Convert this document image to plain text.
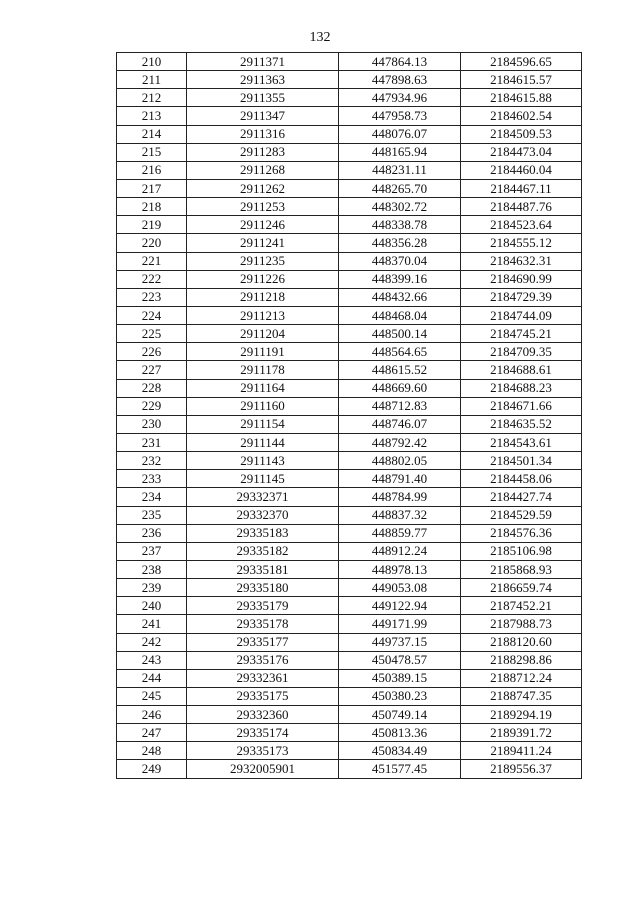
132
210	2911371	447864.13	2184596.65
211	2911363	447898.63	2184615.57
212	2911355	447934.96	2184615.88
213	2911347	447958.73	2184602.54
214	2911316	448076.07	2184509.53
215	2911283	448165.94	2184473.04
216	2911268	448231.11	2184460.04
217	2911262	448265.70	2184467.11
218	2911253	448302.72	2184487.76
219	2911246	448338.78	2184523.64
220	2911241	448356.28	2184555.12
221	2911235	448370.04	2184632.31
222	2911226	448399.16	2184690.99
223	2911218	448432.66	2184729.39
224	2911213	448468.04	2184744.09
225	2911204	448500.14	2184745.21
226	2911191	448564.65	2184709.35
227	2911178	448615.52	2184688.61
228	2911164	448669.60	2184688.23
229	2911160	448712.83	2184671.66
230	2911154	448746.07	2184635.52
231	2911144	448792.42	2184543.61
232	2911143	448802.05	2184501.34
233	2911145	448791.40	2184458.06
234	29332371	448784.99	2184427.74
235	29332370	448837.32	2184529.59
236	29335183	448859.77	2184576.36
237	29335182	448912.24	2185106.98
238	29335181	448978.13	2185868.93
239	29335180	449053.08	2186659.74
240	29335179	449122.94	2187452.21
241	29335178	449171.99	2187988.73
242	29335177	449737.15	2188120.60
243	29335176	450478.57	2188298.86
244	29332361	450389.15	2188712.24
245	29335175	450380.23	2188747.35
246	29332360	450749.14	2189294.19
247	29335174	450813.36	2189391.72
248	29335173	450834.49	2189411.24
249	2932005901	451577.45	2189556.37
